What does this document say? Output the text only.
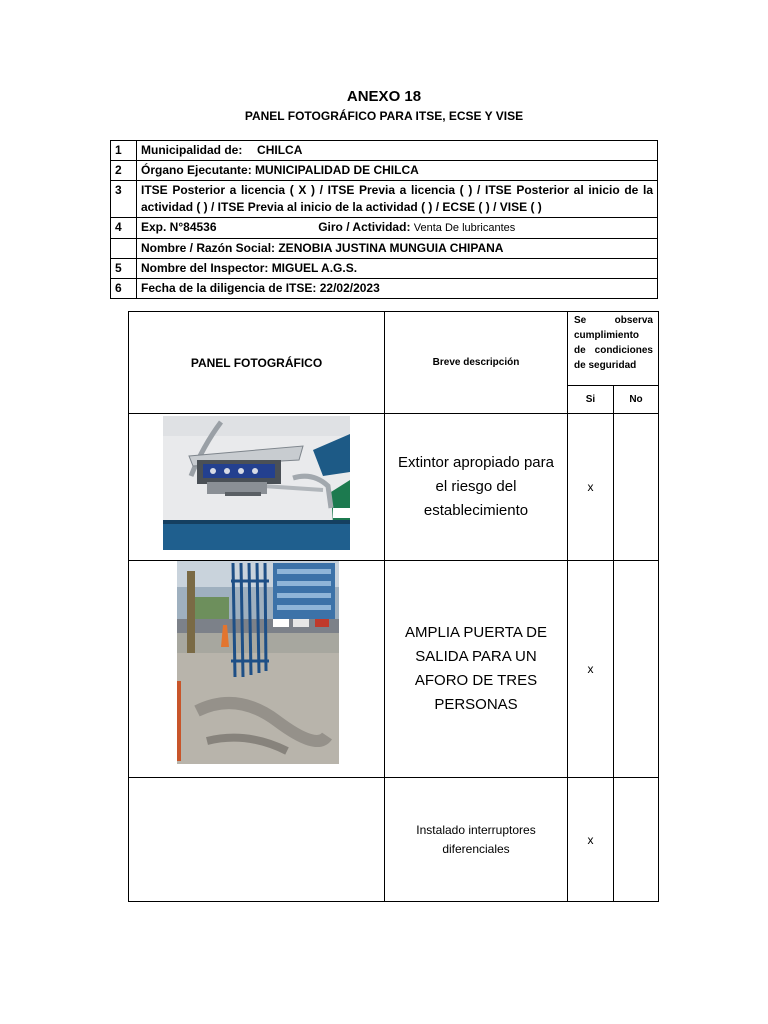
ANEXO 18
PANEL FOTOGRÁFICO PARA ITSE, ECSE Y VISE
1	Municipalidad de: CHILCA
2	Órgano Ejecutante: MUNICIPALIDAD DE CHILCA
3	ITSE Posterior a licencia ( X ) / ITSE Previa a licencia ( ) / ITSE Posterior al inicio de la actividad ( ) / ITSE Previa al inicio de la actividad ( ) / ECSE ( ) / VISE ( )
4	Exp. N°84536 Giro / Actividad: Venta De lubricantes
	Nombre / Razón Social: ZENOBIA JUSTINA MUNGUIA CHIPANA
5	Nombre del Inspector: MIGUEL A.G.S.
6	Fecha de la diligencia de ITSE: 22/02/2023
PANEL FOTOGRÁFICO	Breve descripción	Se observa
cumplimiento
de condiciones
de seguridad	

		Si	No

	Extintor apropiado para el riesgo del establecimiento	x	

	AMPLIA PUERTA DE SALIDA PARA UN AFORO DE TRES PERSONAS	x	
	Instalado interruptores diferenciales	x	
